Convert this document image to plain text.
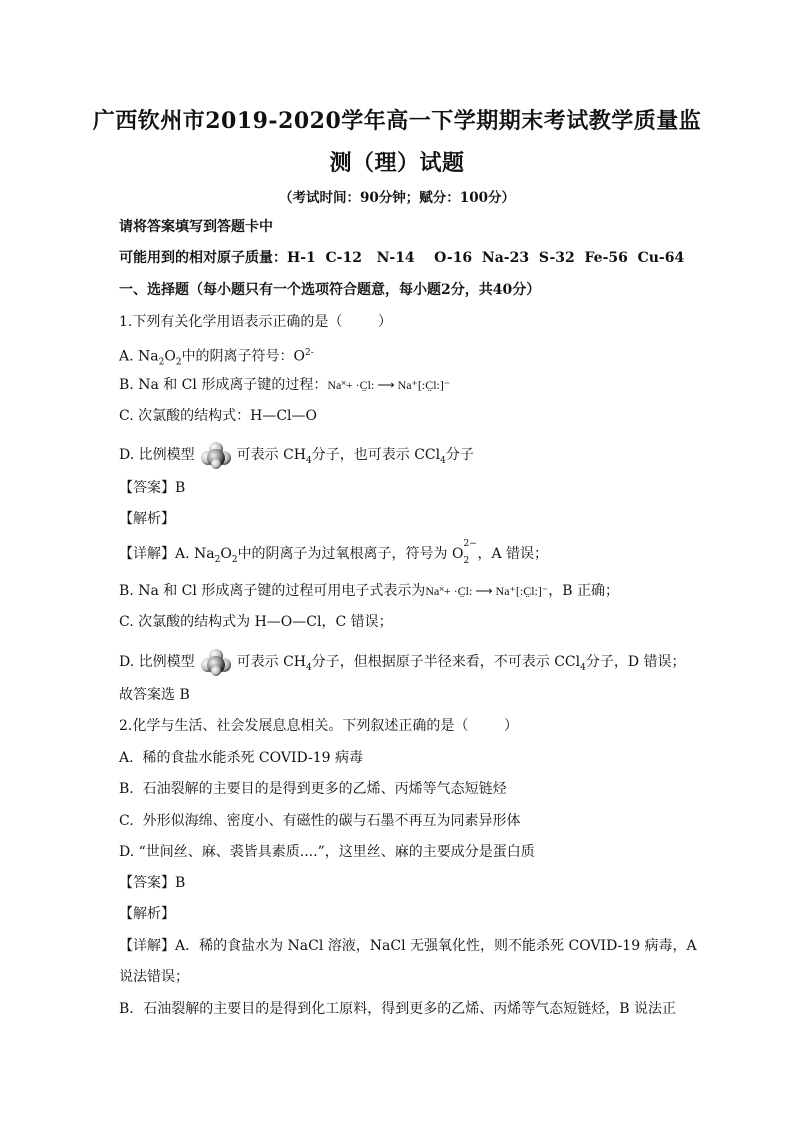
广西钦州市2019-2020学年高一下学期期末考试教学质量监
测（理）试题
（考试时间：90分钟；赋分：100分）
请将答案填写到答题卡中
可能用到的相对原子质量：H-1  C-12   N-14    O-16  Na-23  S-32  Fe-56  Cu-64
一、选择题（每小题只有一个选项符合题意，每小题2分，共40分）
1.下列有关化学用语表示正确的是（        ）
A. $Na_2O_2$中的阴离子符号：$O^{2-}$
B. Na 和 Cl 形成离子键的过程：Na˟+ ·C̤l: ⟶ Na⁺[:C̤l:]⁻
C. 次氯酸的结构式：H—Cl—O
D. 比例模型	可表示 $CH_4$分子，也可表示 CCl$_4$分子
【答案】B
【解析】
【详解】A. $Na_2O_2$中的阴离子为过氧根离子，符号为 O
2−
2 ，A 错误；
B. Na 和 Cl 形成离子键的过程可用电子式表示为Na˟+ ·C̤l: ⟶ Na⁺[:C̤l:]⁻，B 正确；
C. 次氯酸的结构式为 H—O—Cl，C 错误；
D. 比例模型	可表示 $CH_4$分子，但根据原子半径来看，不可表示 CCl$_4$分子，D 错误；
故答案选 B
2.化学与生活、社会发展息息相关。下列叙述正确的是（        ）
A.  稀的食盐水能杀死 COVID-19 病毒
B.  石油裂解的主要目的是得到更多的乙烯、丙烯等气态短链烃
C.  外形似海绵、密度小、有磁性的碳与石墨不再互为同素异形体
D. “世间丝、麻、裘皆具素质....”，这里丝、麻的主要成分是蛋白质
【答案】B
【解析】
【详解】A．稀的食盐水为 NaCl 溶液，NaCl 无强氧化性，则不能杀死 COVID-19 病毒，A
说法错误；
B．石油裂解的主要目的是得到化工原料，得到更多的乙烯、丙烯等气态短链烃，B 说法正
